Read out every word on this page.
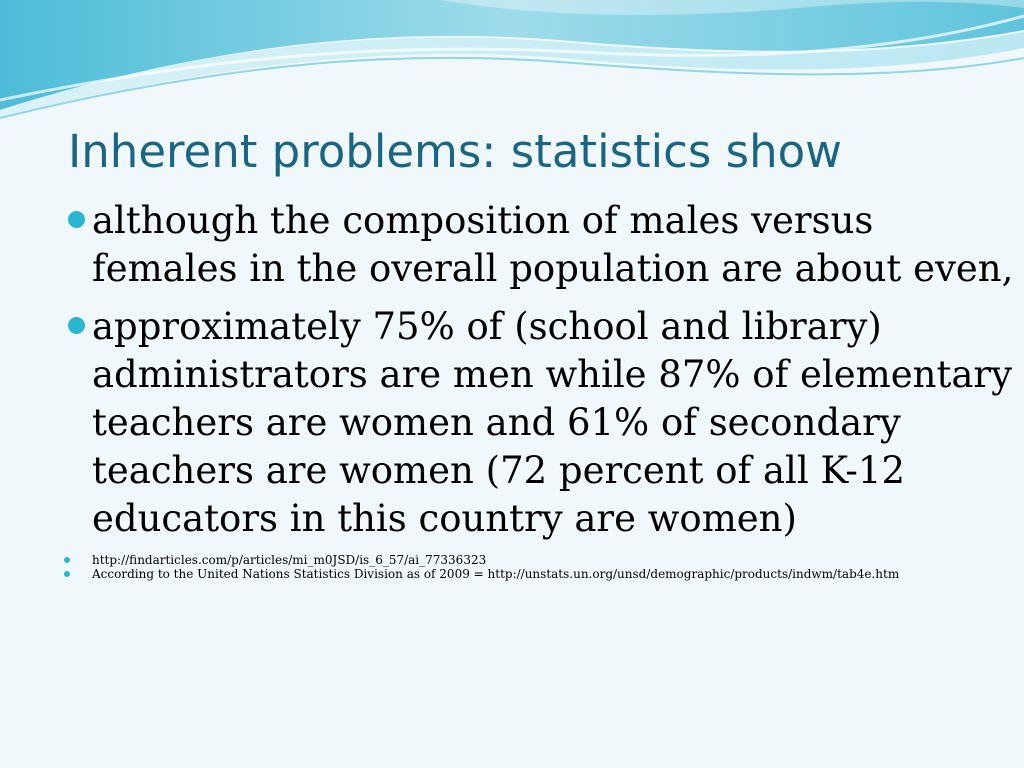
Inherent problems: statistics show
although the composition of males versus females in the overall population are about even,
approximately 75% of (school and library) administrators are men while 87% of elementary teachers are women and 61% of secondary teachers are women (72 percent of all K-12 educators in this country are women)
http://findarticles.com/p/articles/mi_m0JSD/is_6_57/ai_77336323
According to the United Nations Statistics Division as of 2009 = http://unstats.un.org/unsd/demographic/products/indwm/tab4e.htm
